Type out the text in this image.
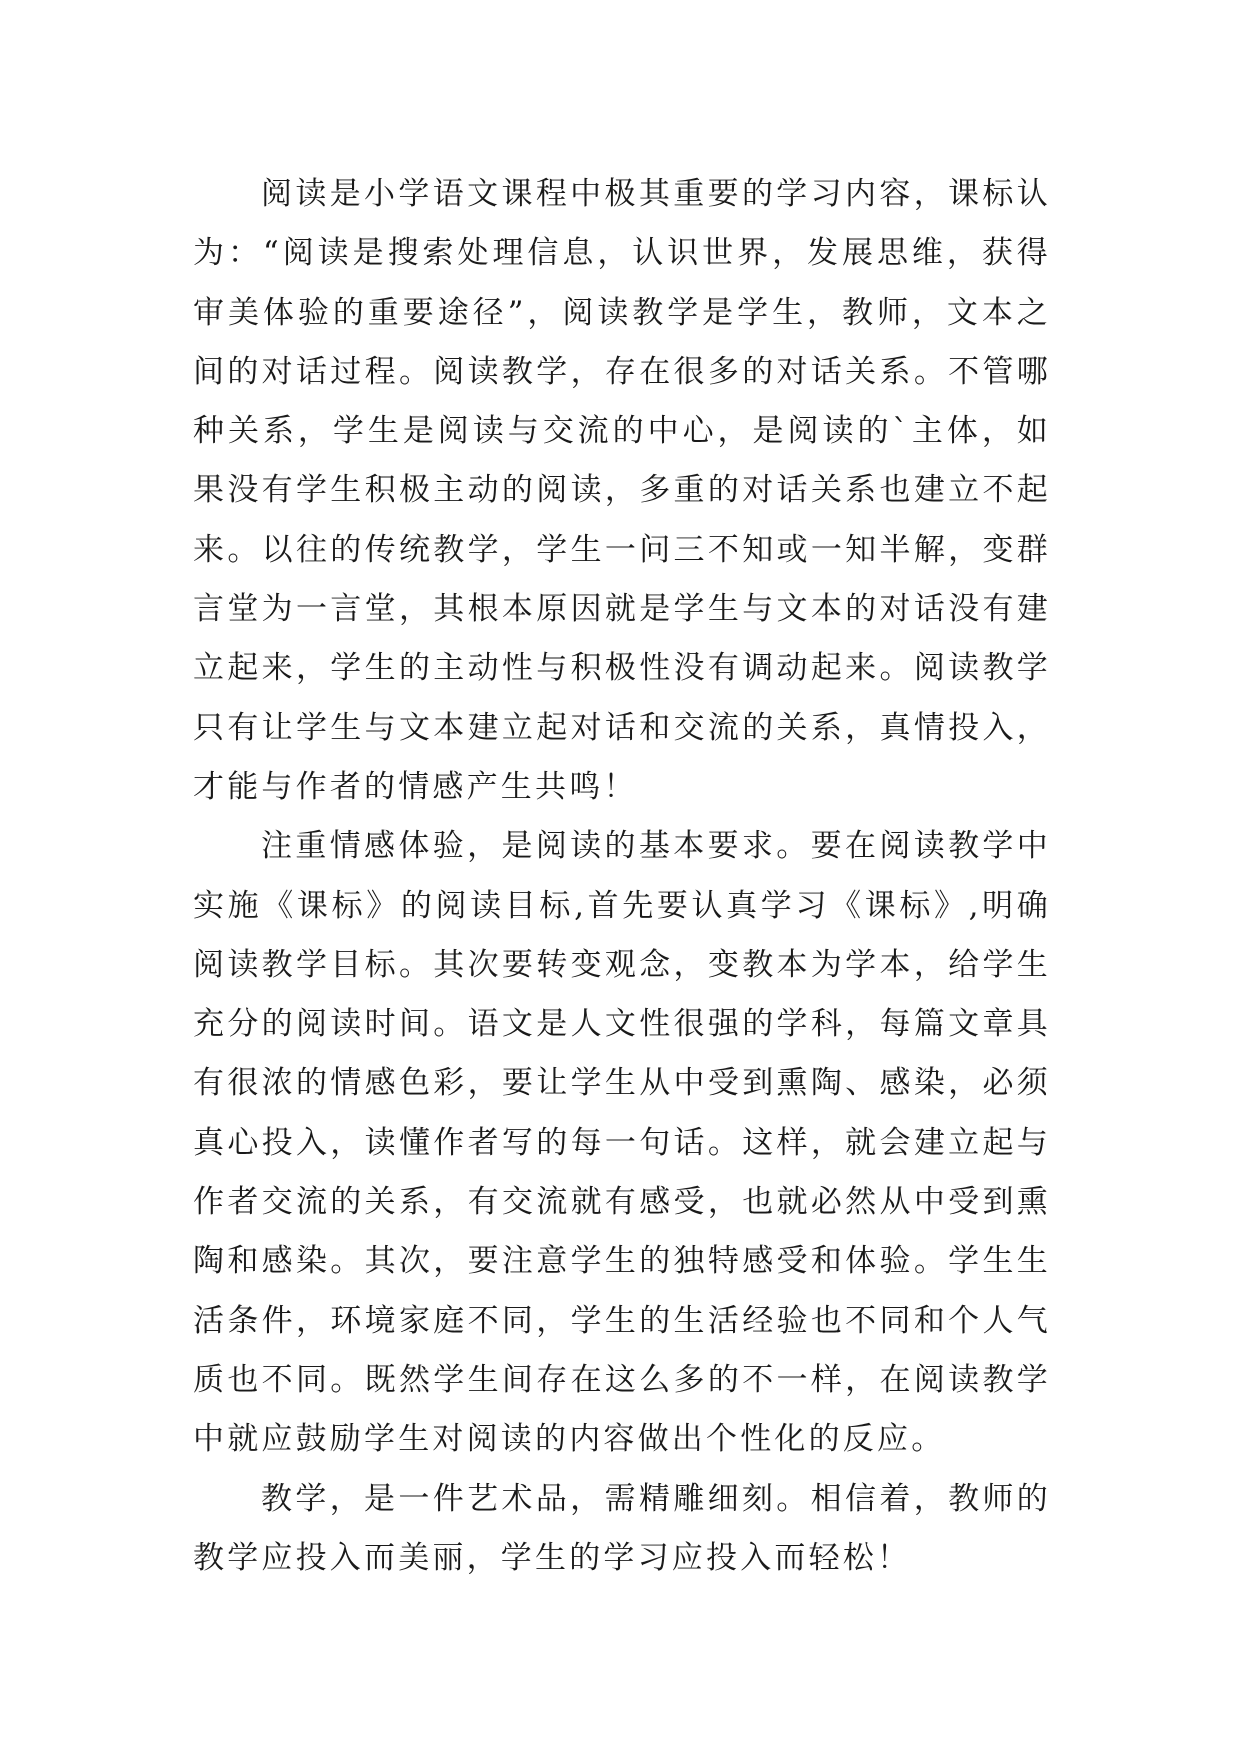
阅读是小学语文课程中极其重要的学习内容，课标认为：“阅读是搜索处理信息，认识世界，发展思维，获得审美体验的重要途径”，阅读教学是学生，教师，文本之间的对话过程。阅读教学，存在很多的对话关系。不管哪种关系，学生是阅读与交流的中心，是阅读的`主体，如果没有学生积极主动的阅读，多重的对话关系也建立不起来。以往的传统教学，学生一问三不知或一知半解，变群言堂为一言堂，其根本原因就是学生与文本的对话没有建立起来，学生的主动性与积极性没有调动起来。阅读教学只有让学生与文本建立起对话和交流的关系，真情投入，才能与作者的情感产生共鸣！

注重情感体验，是阅读的基本要求。要在阅读教学中实施《课标》的阅读目标,首先要认真学习《课标》,明确阅读教学目标。其次要转变观念，变教本为学本，给学生充分的阅读时间。语文是人文性很强的学科，每篇文章具有很浓的情感色彩，要让学生从中受到熏陶、感染，必须真心投入，读懂作者写的每一句话。这样，就会建立起与作者交流的关系，有交流就有感受，也就必然从中受到熏陶和感染。其次，要注意学生的独特感受和体验。学生生活条件，环境家庭不同，学生的生活经验也不同和个人气质也不同。既然学生间存在这么多的不一样，在阅读教学中就应鼓励学生对阅读的内容做出个性化的反应。

教学，是一件艺术品，需精雕细刻。相信着，教师的教学应投入而美丽，学生的学习应投入而轻松！
